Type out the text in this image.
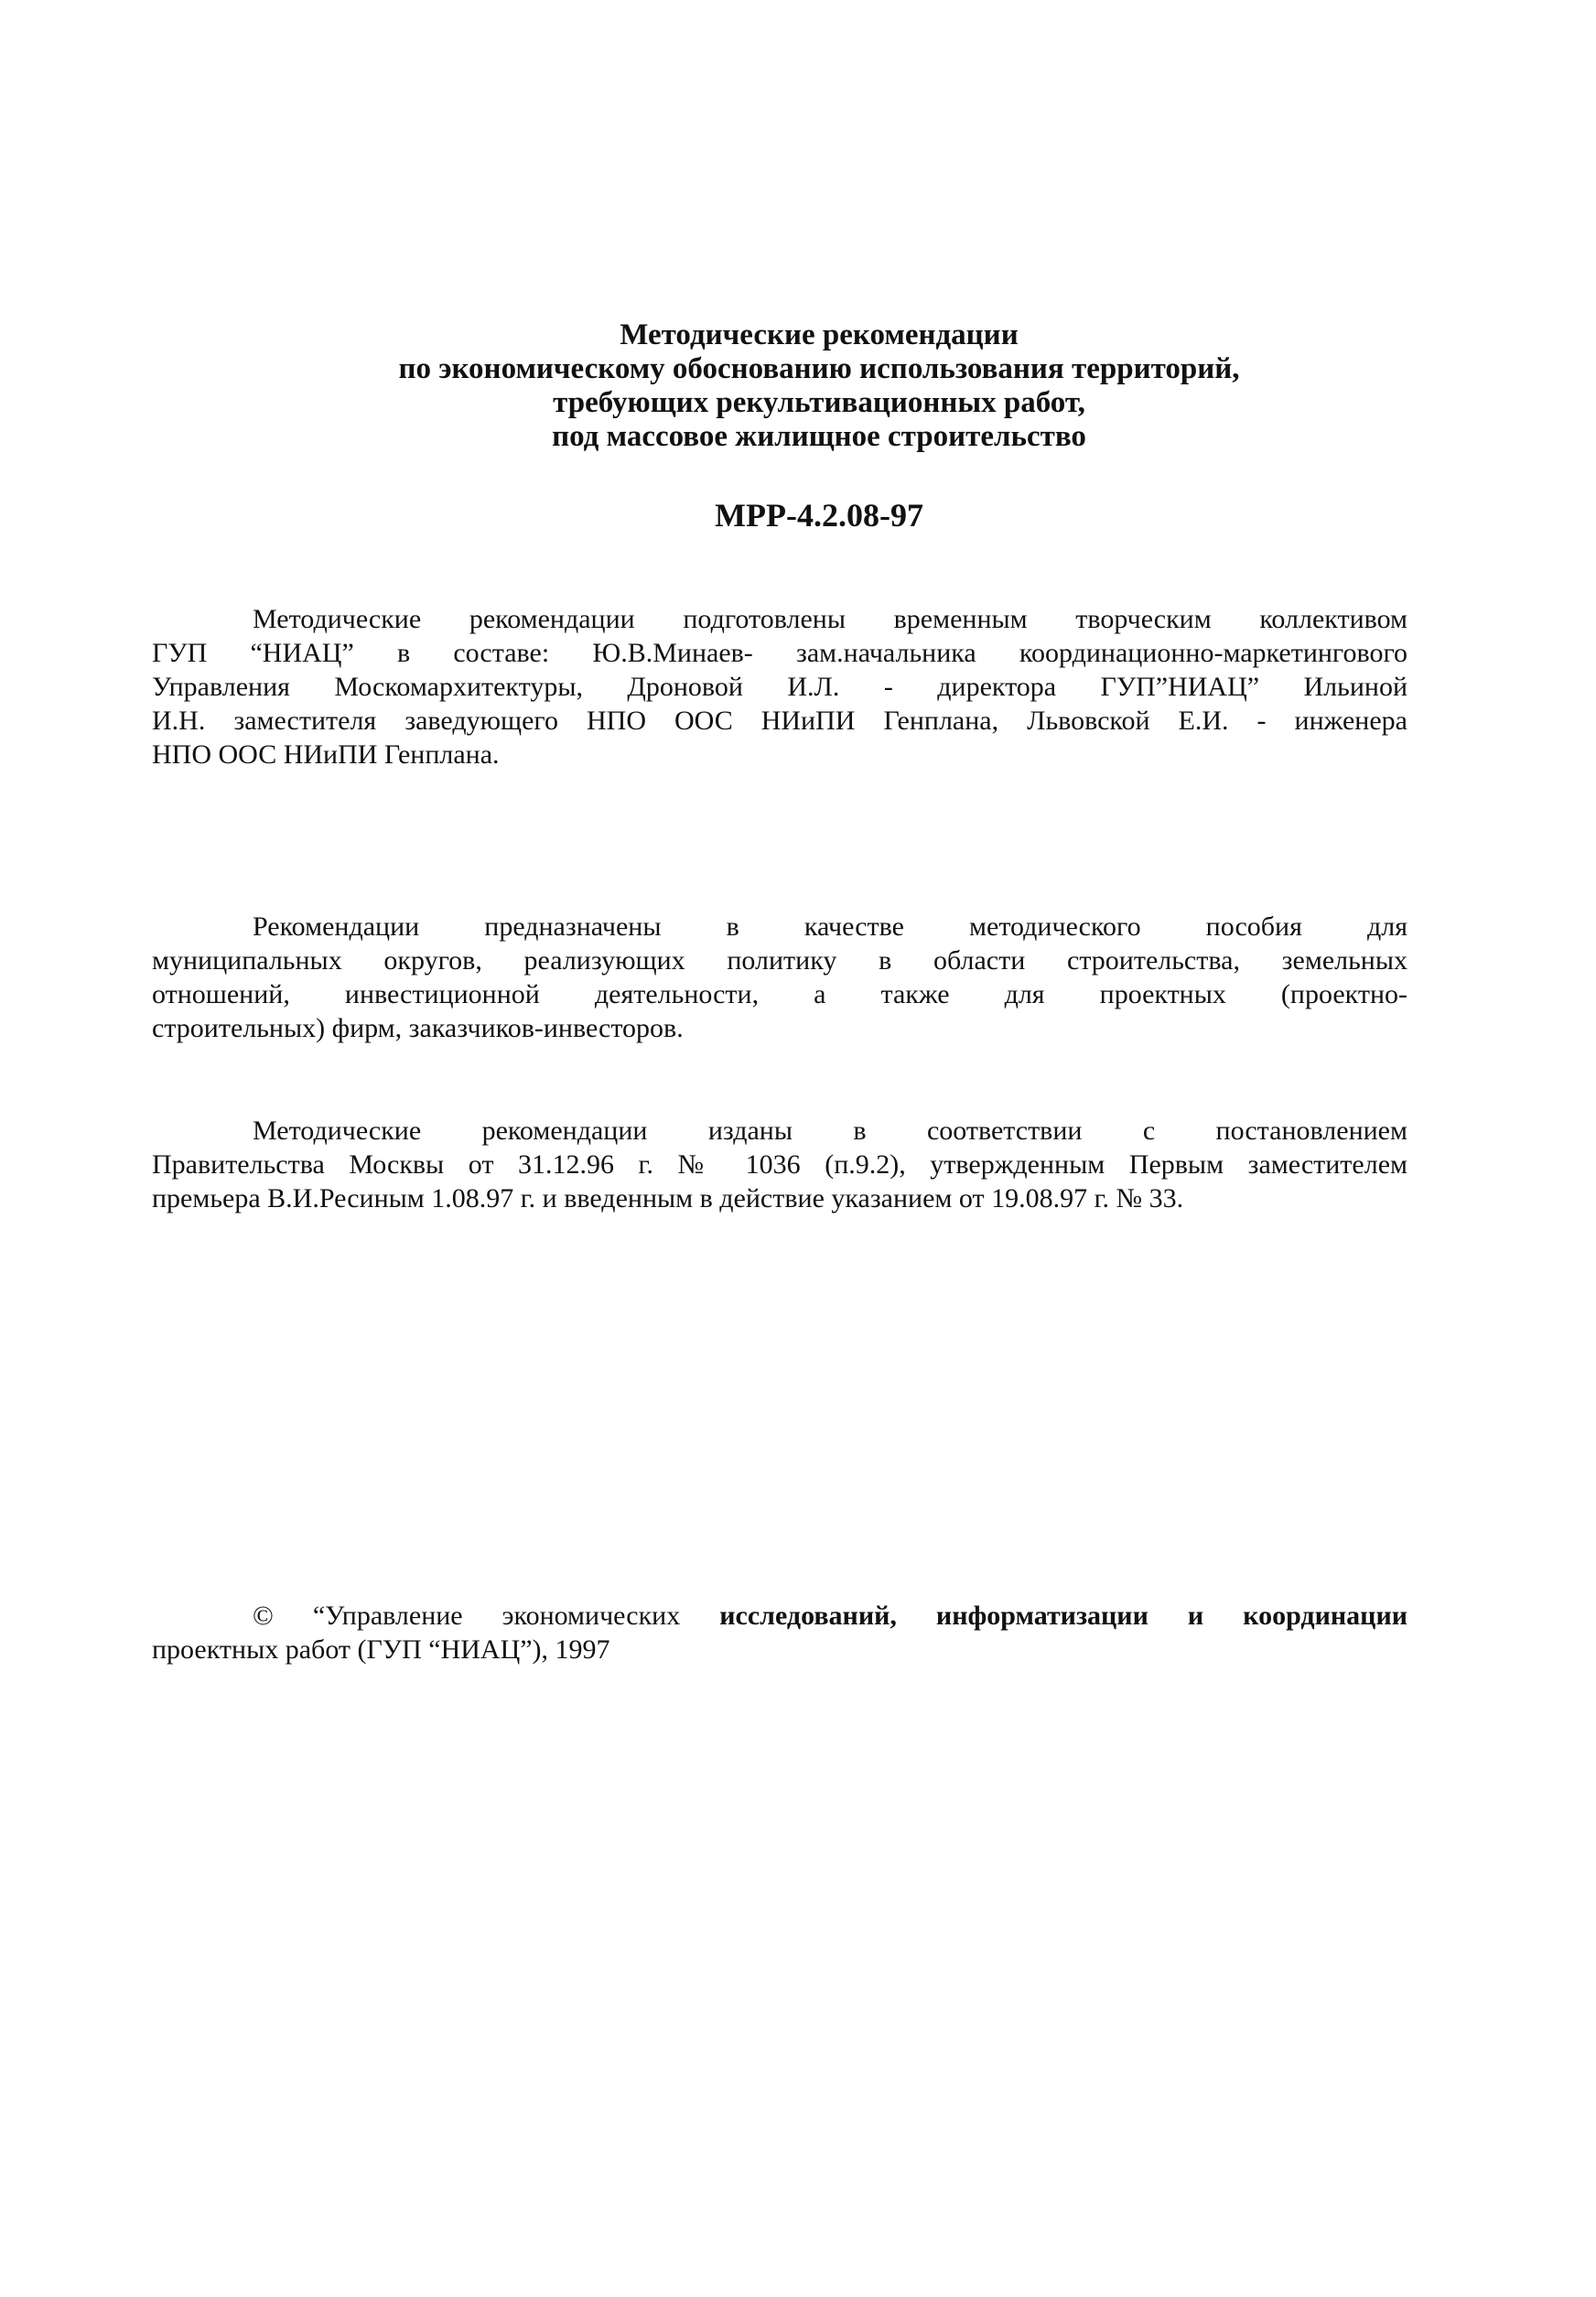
Методические рекомендации
по экономическому обоснованию использования территорий,
требующих рекультивационных работ,
под массовое жилищное строительство
МРР-4.2.08-97
Методические рекомендации подготовлены временным творческим коллективом
ГУП “НИАЦ” в составе: Ю.В.Минаев- зам.начальника координационно-маркетингового
Управления Москомархитектуры, Дроновой И.Л. - директора ГУП”НИАЦ” Ильиной
И.Н. заместителя заведующего НПО ООС НИиПИ Генплана, Львовской Е.И. - инженера
НПО ООС НИиПИ Генплана.
Рекомендации предназначены в качестве методического пособия для
муниципальных округов, реализующих политику в области строительства, земельных
отношений, инвестиционной деятельности, а также для проектных (проектно-
строительных) фирм, заказчиков-инвесторов.
Методические рекомендации изданы в соответствии с постановлением
Правительства Москвы от 31.12.96 г. № 1036 (п.9.2), утвержденным Первым заместителем
премьера В.И.Ресиным 1.08.97 г. и введенным в действие указанием от 19.08.97 г. № 33.
© “Управление экономических исследований, информатизации и координации
проектных работ (ГУП “НИАЦ”), 1997
